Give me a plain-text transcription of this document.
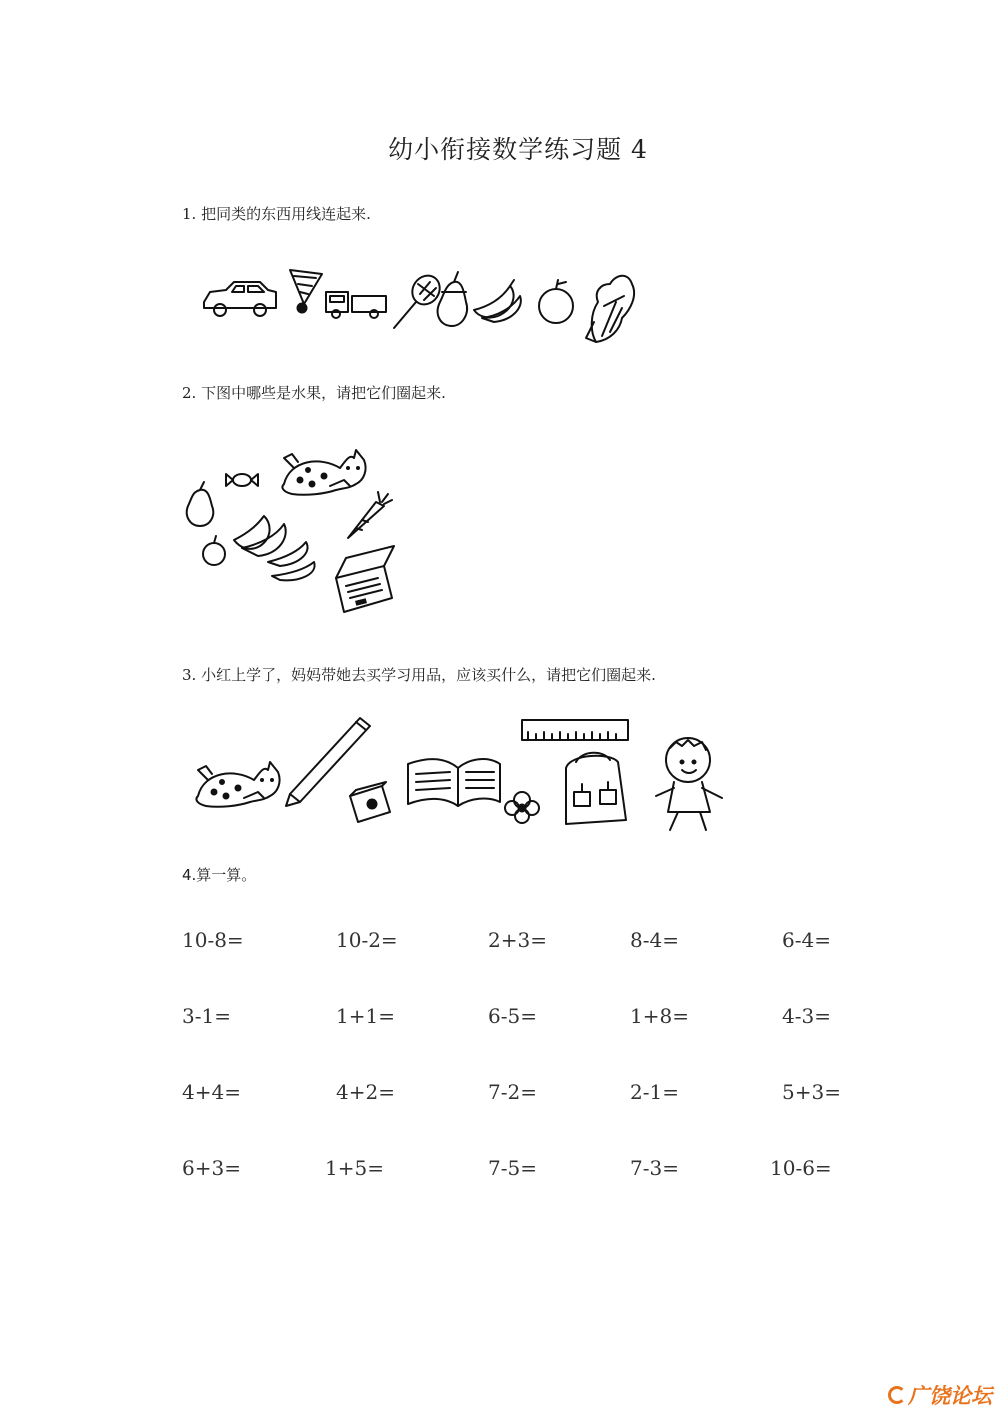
幼小衔接数学练习题 4
1. 把同类的东西用线连起来.
2. 下图中哪些是水果，请把它们圈起来.
3. 小红上学了，妈妈带她去买学习用品，应该买什么，请把它们圈起来.
4.算一算。
10-8=	10-2=	2+3=	8-4=	6-4=
3-1=	1+1=	6-5=	1+8=	4-3=
4+4=	4+2=	7-2=	2-1=	5+3=
6+3=	1+5=	7-5=	7-3=	10-6=
广饶论坛
